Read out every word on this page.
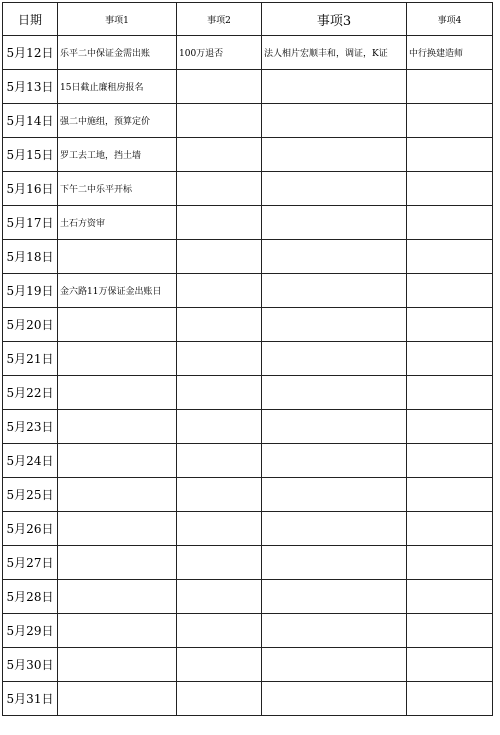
日期	事项1	事项2	事项3	事项4
5月12日	乐平二中保证金需出账	100万退否	法人相片宏顺丰和，调证，K证	中行换建造师
5月13日	15日截止廉租房报名			
5月14日	强二中施组，预算定价			
5月15日	罗工去工地，挡土墙			
5月16日	下午二中乐平开标			
5月17日	土石方资审			
5月18日				
5月19日	金六路11万保证金出账日			
5月20日				
5月21日				
5月22日				
5月23日				
5月24日				
5月25日				
5月26日				
5月27日				
5月28日				
5月29日				
5月30日				
5月31日				
